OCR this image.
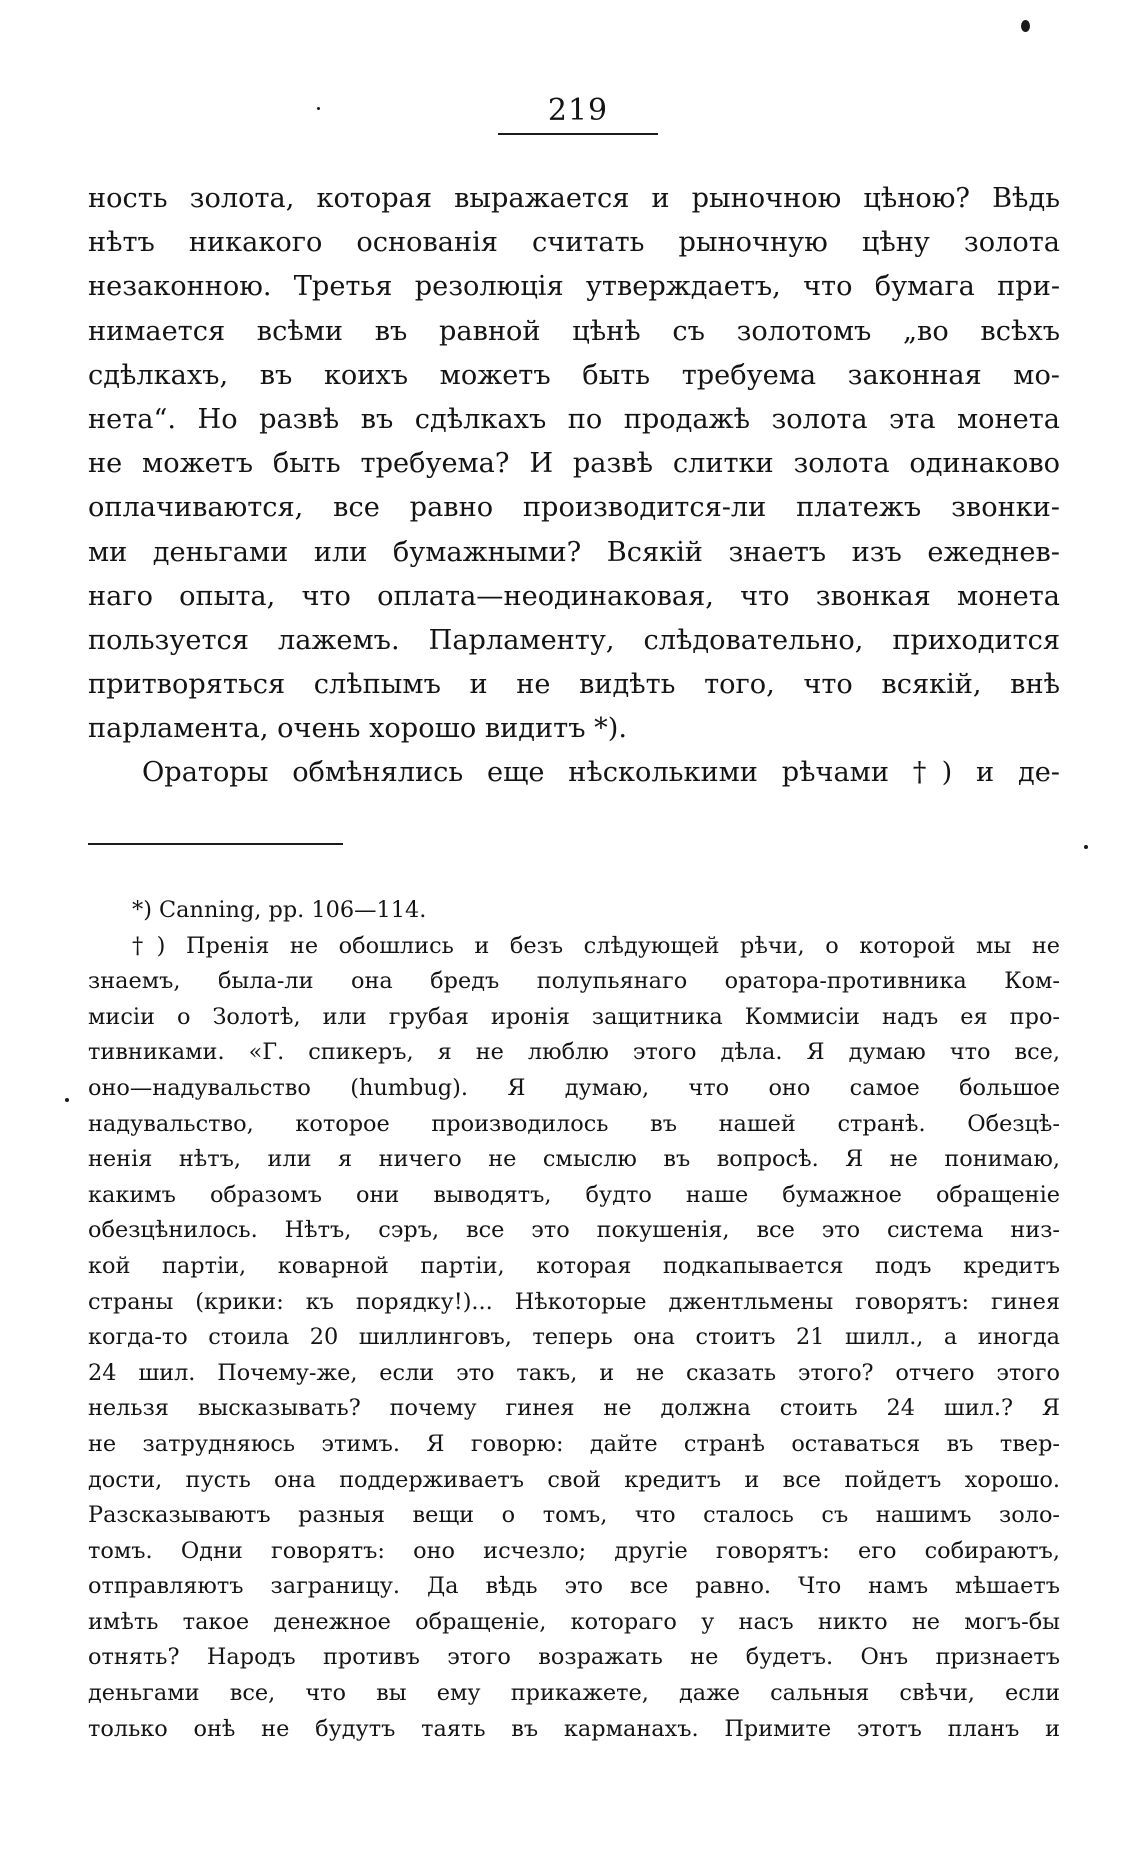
219
ность золота, которая выражается и рыночною цѣною? Вѣдь
нѣтъ никакого основанія считать рыночную цѣну золота
незаконною. Третья резолюція утверждаетъ, что бумага при-
нимается всѣми въ равной цѣнѣ съ золотомъ „во всѣхъ
сдѣлкахъ, въ коихъ можетъ быть требуема законная мо-
нета“. Но развѣ въ сдѣлкахъ по продажѣ золота эта монета
не можетъ быть требуема? И развѣ слитки золота одинаково
оплачиваются, все равно производится-ли платежъ звонки-
ми деньгами или бумажными? Всякій знаетъ изъ ежеднев-
наго опыта, что оплата—неодинаковая, что звонкая монета
пользуется лажемъ. Парламенту, слѣдовательно, приходится
притворяться слѣпымъ и не видѣть того, что всякій, внѣ
парламента, очень хорошо видитъ *).
Ораторы обмѣнялись еще нѣсколькими рѣчами †) и де-
*) Canning, pp. 106—114.
†) Пренія не обошлись и безъ слѣдующей рѣчи, о которой мы не
знаемъ, была-ли она бредъ полупьянаго оратора-противника Ком-
мисіи о Золотѣ, или грубая иронія защитника Коммисіи надъ ея про-
тивниками. «Г. спикеръ, я не люблю этого дѣла. Я думаю что все,
оно—надувальство (humbug). Я думаю, что оно самое большое
надувальство, которое производилось въ нашей странѣ. Обезцѣ-
ненія нѣтъ, или я ничего не смыслю въ вопросѣ. Я не понимаю,
какимъ образомъ они выводятъ, будто наше бумажное обращеніе
обезцѣнилось. Нѣтъ, сэръ, все это покушенія, все это система низ-
кой партіи, коварной партіи, которая подкапывается подъ кредитъ
страны (крики: къ порядку!)... Нѣкоторые джентльмены говорятъ: гинея
когда-то стоила 20 шиллинговъ, теперь она стоитъ 21 шилл., а иногда
24 шил. Почему-же, если это такъ, и не сказать этого? отчего этого
нельзя высказывать? почему гинея не должна стоить 24 шил.? Я
не затрудняюсь этимъ. Я говорю: дайте странѣ оставаться въ твер-
дости, пусть она поддерживаетъ свой кредитъ и все пойдетъ хорошо.
Разсказываютъ разныя вещи о томъ, что сталось съ нашимъ золо-
томъ. Одни говорятъ: оно исчезло; другіе говорятъ: его собираютъ,
отправляютъ заграницу. Да вѣдь это все равно. Что намъ мѣшаетъ
имѣть такое денежное обращеніе, котораго у насъ никто не могъ-бы
отнять? Народъ противъ этого возражать не будетъ. Онъ признаетъ
деньгами все, что вы ему прикажете, даже сальныя свѣчи, если
только онѣ не будутъ таять въ карманахъ. Примите этотъ планъ и
